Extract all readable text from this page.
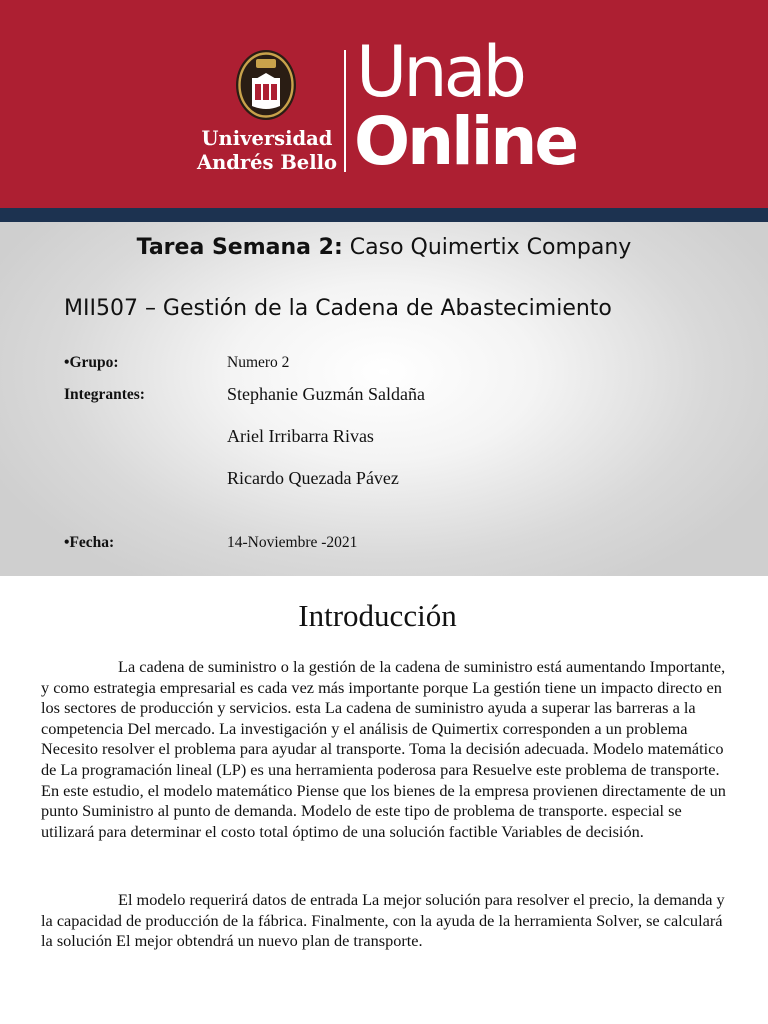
Universidad
Andrés Bello
Unab
Online
Tarea Semana 2: Caso Quimertix Company
MII507 – Gestión de la Cadena de Abastecimiento
•Grupo:	Numero 2
Integrantes:	Stephanie Guzmán Saldaña
Ariel Irribarra Rivas
Ricardo Quezada Pávez
•Fecha:	14-Noviembre -2021
Introducción

La cadena de suministro o la gestión de la cadena de suministro está aumentando Importante, y como estrategia empresarial es cada vez más importante porque La gestión tiene un impacto directo en los sectores de producción y servicios. esta La cadena de suministro ayuda a superar las barreras a la competencia Del mercado. La investigación y el análisis de Quimertix corresponden a un problema Necesito resolver el problema para ayudar al transporte. Toma la decisión adecuada. Modelo matemático de La programación lineal (LP) es una herramienta poderosa para Resuelve este problema de transporte. En este estudio, el modelo matemático Piense que los bienes de la empresa provienen directamente de un punto Suministro al punto de demanda. Modelo de este tipo de problema de transporte. especial se utilizará para determinar el costo total óptimo de una solución factible Variables de decisión.

El modelo requerirá datos de entrada La mejor solución para resolver el precio, la demanda y la capacidad de producción de la fábrica. Finalmente, con la ayuda de la herramienta Solver, se calculará la solución El mejor obtendrá un nuevo plan de transporte.
